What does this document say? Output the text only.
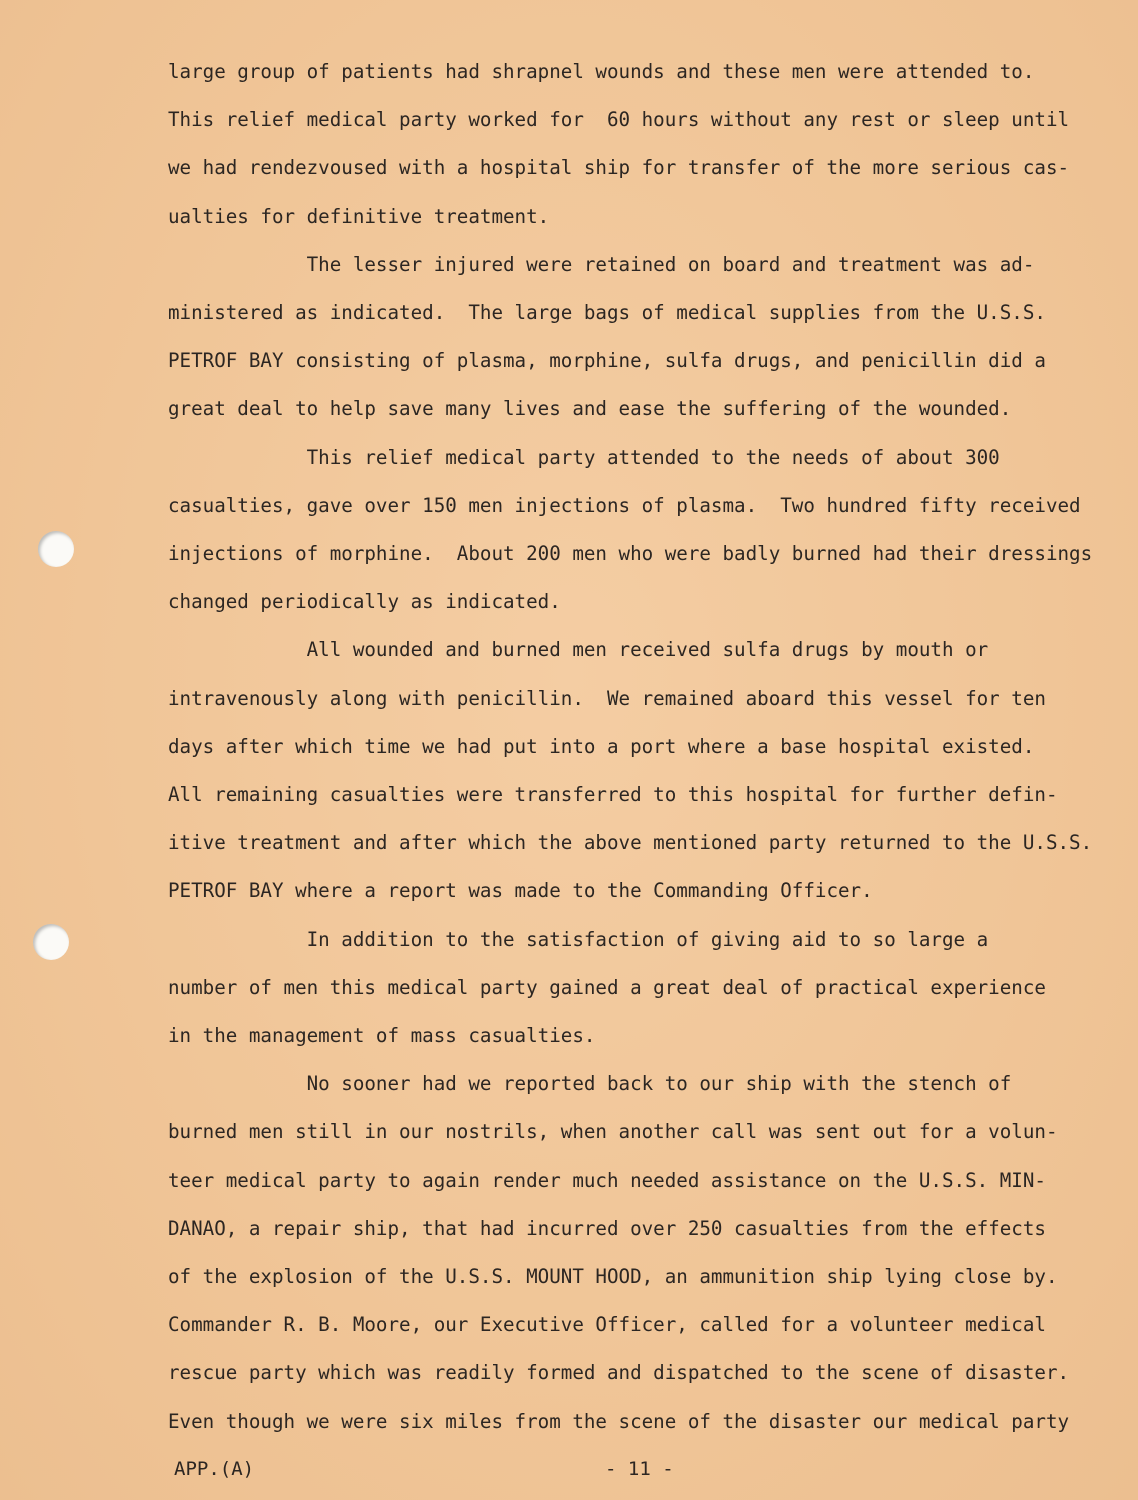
large group of patients had shrapnel wounds and these men were attended to.
This relief medical party worked for  60 hours without any rest or sleep until
we had rendezvoused with a hospital ship for transfer of the more serious cas-
ualties for definitive treatment.
The lesser injured were retained on board and treatment was ad-
ministered as indicated.  The large bags of medical supplies from the U.S.S.
PETROF BAY consisting of plasma, morphine, sulfa drugs, and penicillin did a
great deal to help save many lives and ease the suffering of the wounded.
This relief medical party attended to the needs of about 300
casualties, gave over 150 men injections of plasma.  Two hundred fifty received
injections of morphine.  About 200 men who were badly burned had their dressings
changed periodically as indicated.
All wounded and burned men received sulfa drugs by mouth or
intravenously along with penicillin.  We remained aboard this vessel for ten
days after which time we had put into a port where a base hospital existed.
All remaining casualties were transferred to this hospital for further defin-
itive treatment and after which the above mentioned party returned to the U.S.S.
PETROF BAY where a report was made to the Commanding Officer.
In addition to the satisfaction of giving aid to so large a
number of men this medical party gained a great deal of practical experience
in the management of mass casualties.
No sooner had we reported back to our ship with the stench of
burned men still in our nostrils, when another call was sent out for a volun-
teer medical party to again render much needed assistance on the U.S.S. MIN-
DANAO, a repair ship, that had incurred over 250 casualties from the effects
of the explosion of the U.S.S. MOUNT HOOD, an ammunition ship lying close by.
Commander R. B. Moore, our Executive Officer, called for a volunteer medical
rescue party which was readily formed and dispatched to the scene of disaster.
Even though we were six miles from the scene of the disaster our medical party
APP.(A)	- 11 -
